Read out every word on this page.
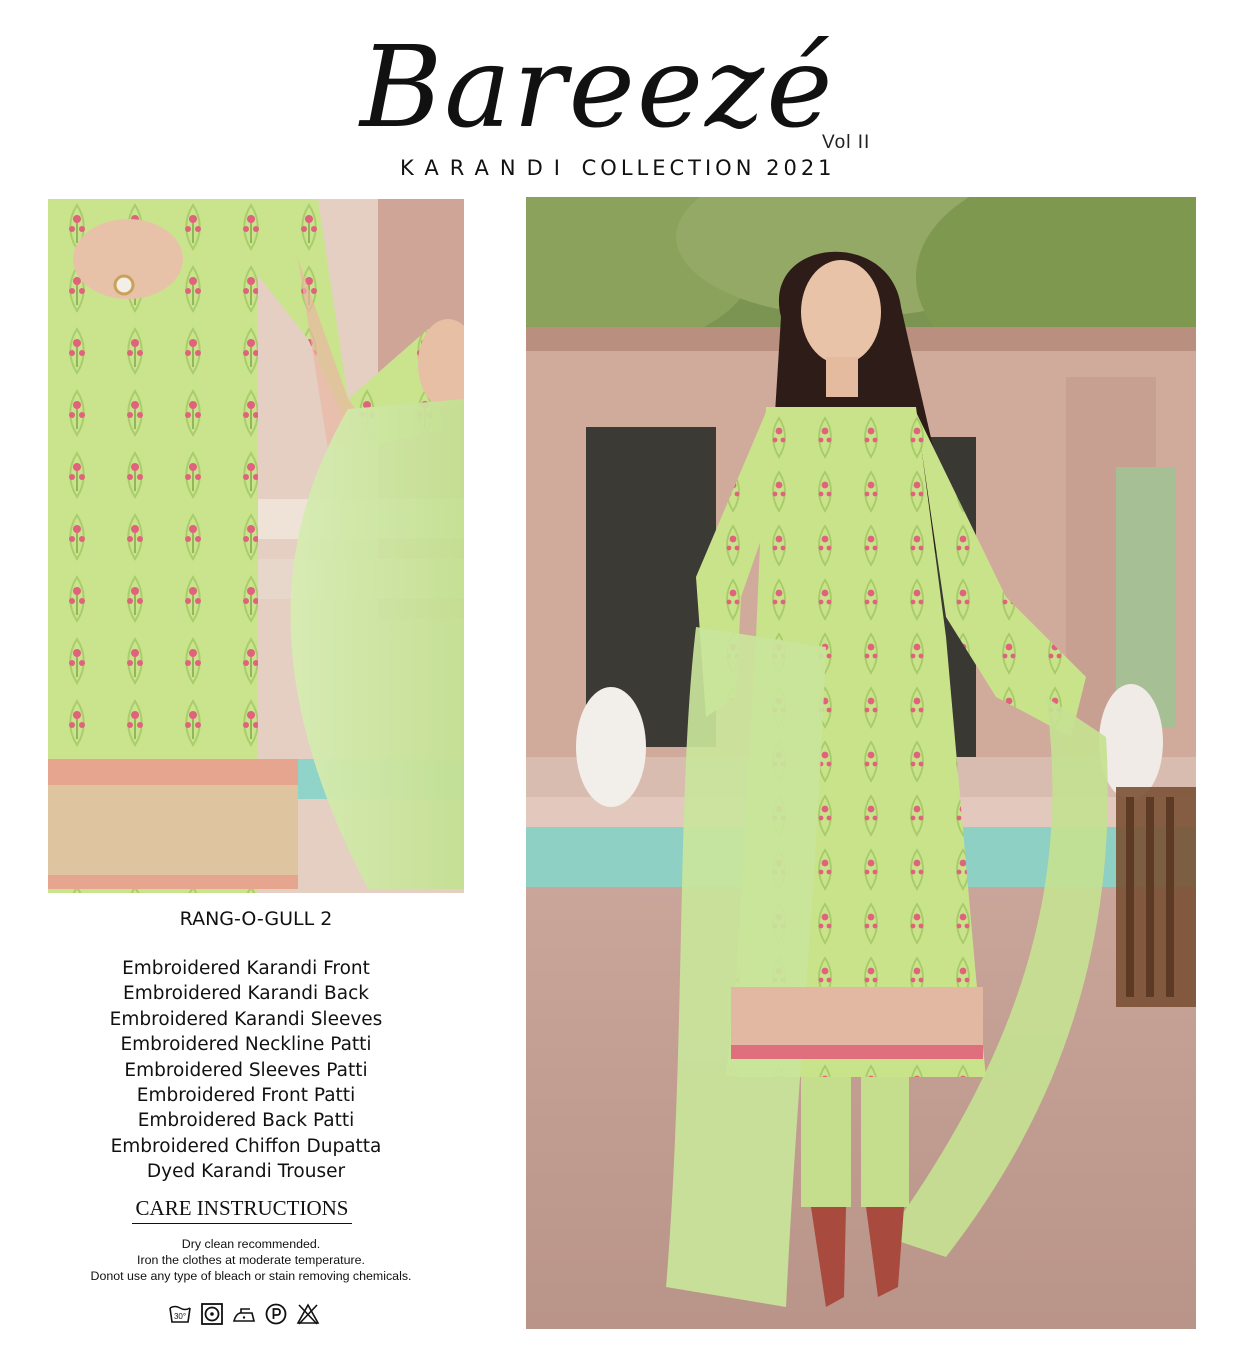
Bareezé
Vol II
KARANDI COLLECTION 2021
RANG-O-GULL 2
Embroidered Karandi Front
Embroidered Karandi Back
Embroidered Karandi Sleeves
Embroidered Neckline Patti
Embroidered Sleeves Patti
Embroidered Front Patti
Embroidered Back Patti
Embroidered Chiffon Dupatta
Dyed Karandi Trouser
CARE INSTRUCTIONS
Dry clean recommended.
Iron the clothes at moderate temperature.
Donot use any type of bleach or stain removing chemicals.
30°
